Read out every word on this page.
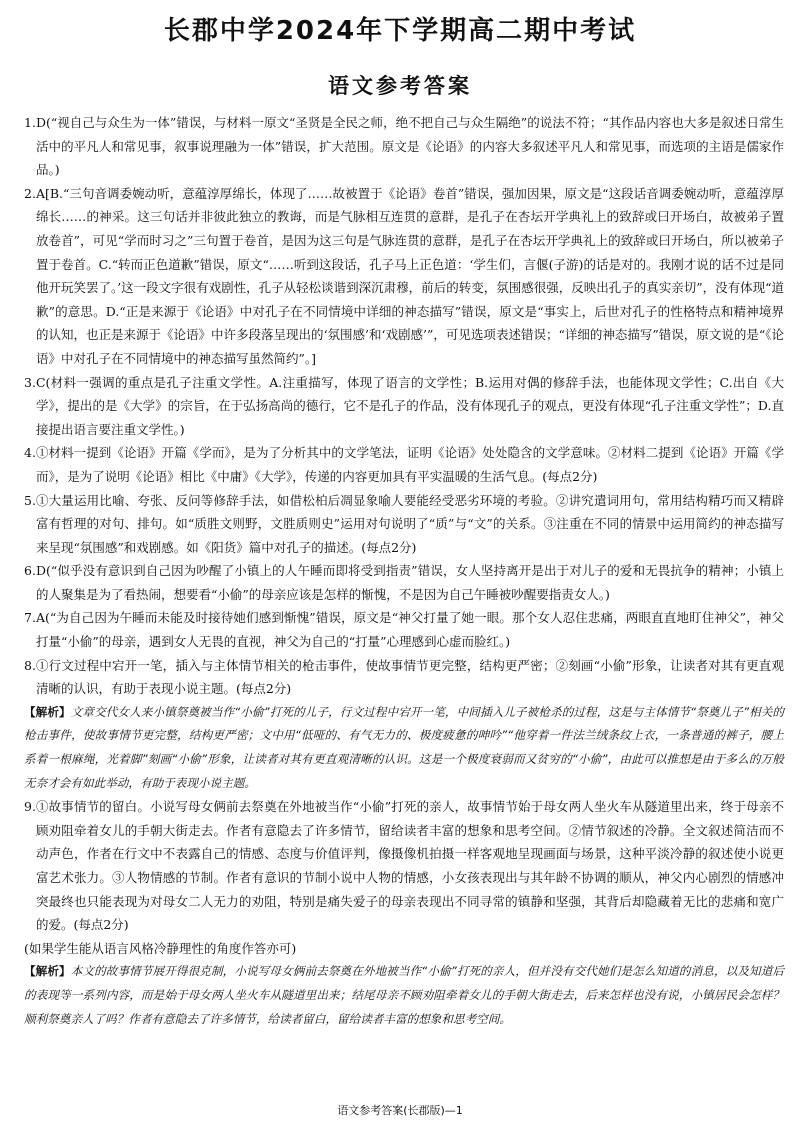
长郡中学2024年下学期高二期中考试
语文参考答案
1. D(“视自己与众生为一体”错误，与材料一原文“圣贤是全民之师，绝不把自己与众生隔绝”的说法不符；“其作品内容也大多是叙述日常生活中的平凡人和常见事，叙事说理融为一体”错误，扩大范围。原文是《论语》的内容大多叙述平凡人和常见事，而选项的主语是儒家作品。)
2. A[B.“三句音调委婉动听，意蕴淳厚绵长，体现了……故被置于《论语》卷首”错误，强加因果，原文是“这段话音调委婉动听，意蕴淳厚绵长……的神采。这三句话并非彼此独立的教诲，而是气脉相互连贯的意群，是孔子在杏坛开学典礼上的致辞或曰开场白，故被弟子置放卷首”，可见“学而时习之”三句置于卷首，是因为这三句是气脉连贯的意群，是孔子在杏坛开学典礼上的致辞或曰开场白，所以被弟子置于卷首。C.“转而正色道歉”错误，原文“……听到这段话，孔子马上正色道：‘学生们，言偃(子游)的话是对的。我刚才说的话不过是同他开玩笑罢了。’这一段文字很有戏剧性，孔子从轻松谈谐到深沉肃穆，前后的转变，氛围感很强，反映出孔子的真实亲切”，没有体现“道歉”的意思。D.“正是来源于《论语》中对孔子在不同情境中详细的神态描写”错误，原文是“事实上，后世对孔子的性格特点和精神境界的认知，也正是来源于《论语》中许多段落呈现出的‘氛围感’和‘戏剧感’”，可见选项表述错误；“详细的神态描写”错误，原文说的是“《论语》中对孔子在不同情境中的神态描写虽然简约”。]
3. C(材料一强调的重点是孔子注重文学性。A.注重描写，体现了语言的文学性；B.运用对偶的修辞手法，也能体现文学性；C.出自《大学》，提出的是《大学》的宗旨，在于弘扬高尚的德行，它不是孔子的作品，没有体现孔子的观点，更没有体现“孔子注重文学性”；D.直接提出语言要注重文学性。)
4. ①材料一提到《论语》开篇《学而》，是为了分析其中的文学笔法，证明《论语》处处隐含的文学意味。②材料二提到《论语》开篇《学而》，是为了说明《论语》相比《中庸》《大学》，传递的内容更加具有平实温暖的生活气息。(每点2分)
5. ①大量运用比喻、夸张、反问等修辞手法，如借松柏后凋显象喻人要能经受恶劣环境的考验。②讲究遣词用句，常用结构精巧而又精辟富有哲理的对句、排句。如“质胜文则野，文胜质则史”运用对句说明了“质”与“文”的关系。③注重在不同的情景中运用简约的神态描写来呈现“氛围感”和戏剧感。如《阳货》篇中对孔子的描述。(每点2分)
6. D(“似乎没有意识到自己因为吵醒了小镇上的人午睡而即将受到指责”错误，女人坚持离开是出于对儿子的爱和无畏抗争的精神；小镇上的人聚集是为了看热闹，想要看“小偷”的母亲应该是怎样的惭愧，不是因为自己午睡被吵醒要指责女人。)
7. A(“为自己因为午睡而未能及时接待她们感到惭愧”错误，原文是“神父打量了她一眼。那个女人忍住悲痛，两眼直直地盯住神父”，神父打量“小偷”的母亲，遇到女人无畏的直视，神父为自己的“打量”心理感到心虚而脸红。)
8. ①行文过程中宕开一笔，插入与主体情节相关的枪击事件，使故事情节更完整，结构更严密；②刻画“小偷”形象，让读者对其有更直观清晰的认识，有助于表现小说主题。(每点2分)

【解析】文章交代女人来小镇祭奠被当作“小偷”打死的儿子，行文过程中宕开一笔，中间插入儿子被枪杀的过程，这是与主体情节“祭奠儿子”相关的枪击事件，使故事情节更完整，结构更严密；文中用“低哑的、有气无力的、极度疲惫的呻吟”“他穿着一件法兰绒条纹上衣，一条普通的裤子，腰上系着一根麻绳，光着脚”刻画“小偷”形象，让读者对其有更直观清晰的认识。这是一个极度衰弱而又贫穷的“小偷”，由此可以推想是由于多么的万般无奈才会有如此举动，有助于表现小说主题。

9. ①故事情节的留白。小说写母女俩前去祭奠在外地被当作“小偷”打死的亲人，故事情节始于母女两人坐火车从隧道里出来，终于母亲不顾劝阻牵着女儿的手朝大街走去。作者有意隐去了许多情节，留给读者丰富的想象和思考空间。②情节叙述的冷静。全文叙述简洁而不动声色，作者在行文中不表露自己的情感、态度与价值评判，像摄像机拍摄一样客观地呈现画面与场景，这种平淡冷静的叙述使小说更富艺术张力。③人物情感的节制。作者有意识的节制小说中人物的情感，小女孩表现出与其年龄不协调的顺从，神父内心剧烈的情感冲突最终也只能表现为对母女二人无力的劝阻，特别是痛失爱子的母亲表现出不同寻常的镇静和坚强，其背后却隐藏着无比的悲痛和宽广的爱。(每点2分)

(如果学生能从语言风格冷静理性的角度作答亦可)

【解析】本文的故事情节展开得很克制，小说写母女俩前去祭奠在外地被当作“小偷”打死的亲人，但并没有交代她们是怎么知道的消息，以及知道后的表现等一系列内容，而是始于母女两人坐火车从隧道里出来；结尾母亲不顾劝阻牵着女儿的手朝大街走去，后来怎样也没有说，小镇居民会怎样？顺利祭奠亲人了吗？作者有意隐去了许多情节，给读者留白，留给读者丰富的想象和思考空间。

语文参考答案(长郡版)—1
